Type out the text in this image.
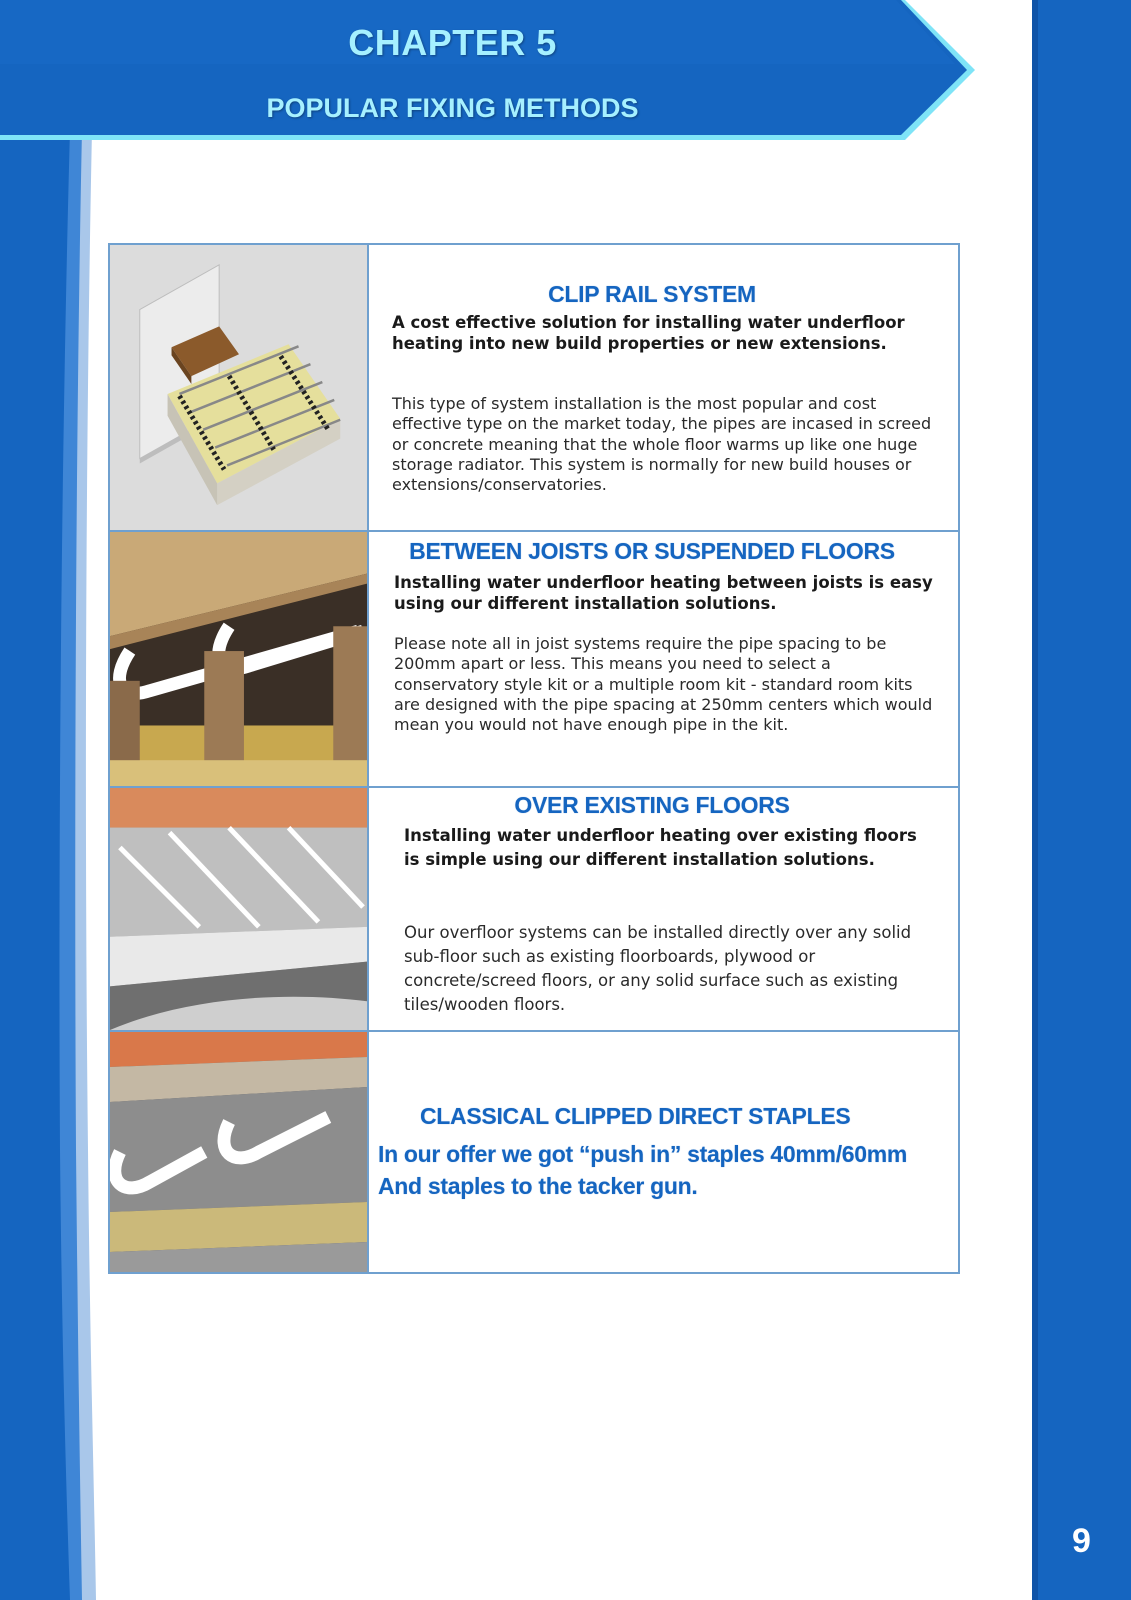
9
CHAPTER 5
POPULAR FIXING METHODS
CLIP RAIL SYSTEM
A cost effective solution for installing water underfloor heating into new build properties or new extensions.
This type of system installation is the most popular and cost effective type on the market today, the pipes are incased in screed or concrete meaning that the whole floor warms up like one huge storage radiator. This system is normally for new build houses or extensions/conservatories.
BETWEEN JOISTS OR SUSPENDED FLOORS
Installing water underfloor heating between joists is easy using our different installation solutions.
Please note all in joist systems require the pipe spacing to be 200mm apart or less. This means you need to select a conservatory style kit or a multiple room kit - standard room kits are designed with the pipe spacing at 250mm centers which would mean you would not have enough pipe in the kit.
OVER EXISTING FLOORS
Installing water underfloor heating over existing floors is simple using our different installation solutions.
Our overfloor systems can be installed directly over any solid sub-floor such as existing floorboards, plywood or concrete/screed floors, or any solid surface such as existing tiles/wooden floors.
CLASSICAL CLIPPED DIRECT STAPLES
In our offer we got “push in” staples 40mm/60mm
And staples to the tacker gun.
